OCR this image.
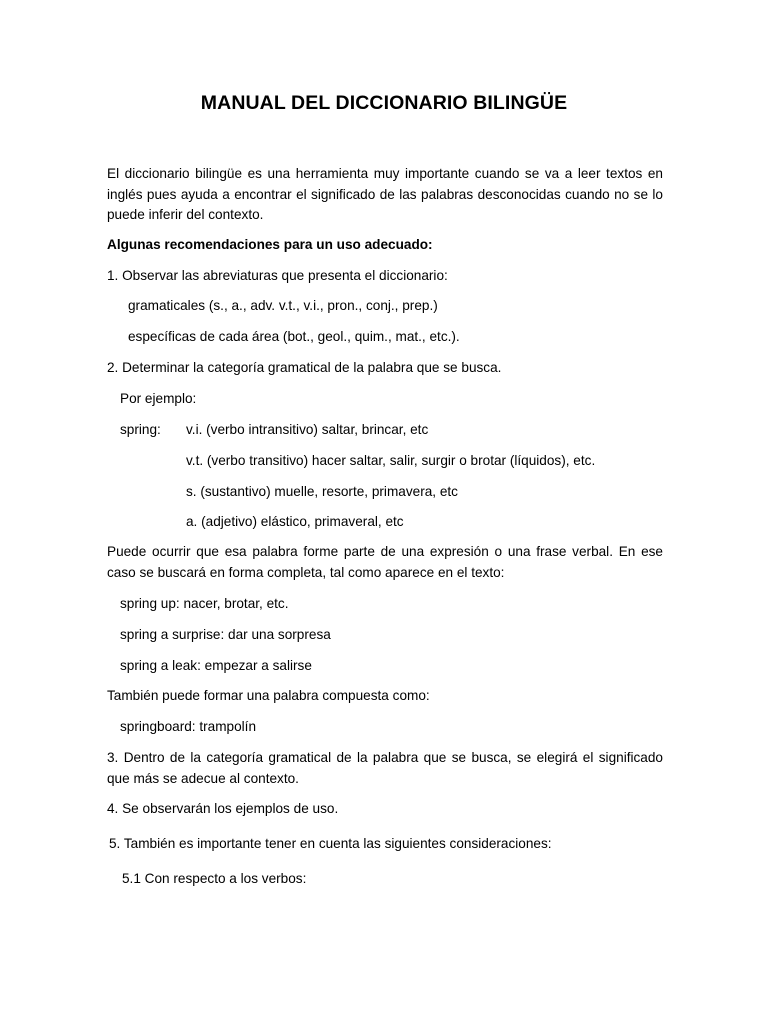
MANUAL DEL DICCIONARIO BILINGÜE
El diccionario bilingüe es una herramienta muy importante cuando se va a leer textos en inglés pues ayuda a encontrar el significado de las palabras desconocidas cuando no se lo puede inferir del contexto.
Algunas recomendaciones para un uso adecuado:
1. Observar las abreviaturas que presenta el diccionario:
gramaticales (s., a., adv. v.t., v.i., pron., conj., prep.)
específicas de cada área (bot., geol., quim., mat., etc.).
2. Determinar la categoría gramatical de la palabra que se busca.
Por ejemplo:
spring: v.i. (verbo intransitivo) saltar, brincar, etc
v.t. (verbo transitivo) hacer saltar, salir, surgir o brotar (líquidos), etc.
s. (sustantivo) muelle, resorte, primavera, etc
a. (adjetivo) elástico, primaveral, etc
Puede ocurrir que esa palabra forme parte de una expresión o una frase verbal. En ese caso se buscará en forma completa, tal como aparece en el texto:
spring up: nacer, brotar, etc.
spring a surprise: dar una sorpresa
spring a leak: empezar a salirse
También puede formar una palabra compuesta como:
springboard: trampolín
3. Dentro de la categoría gramatical de la palabra que se busca, se elegirá el significado que más se adecue al contexto.
4. Se observarán los ejemplos de uso.
5. También es importante tener en cuenta las siguientes consideraciones:
5.1 Con respecto a los verbos:
